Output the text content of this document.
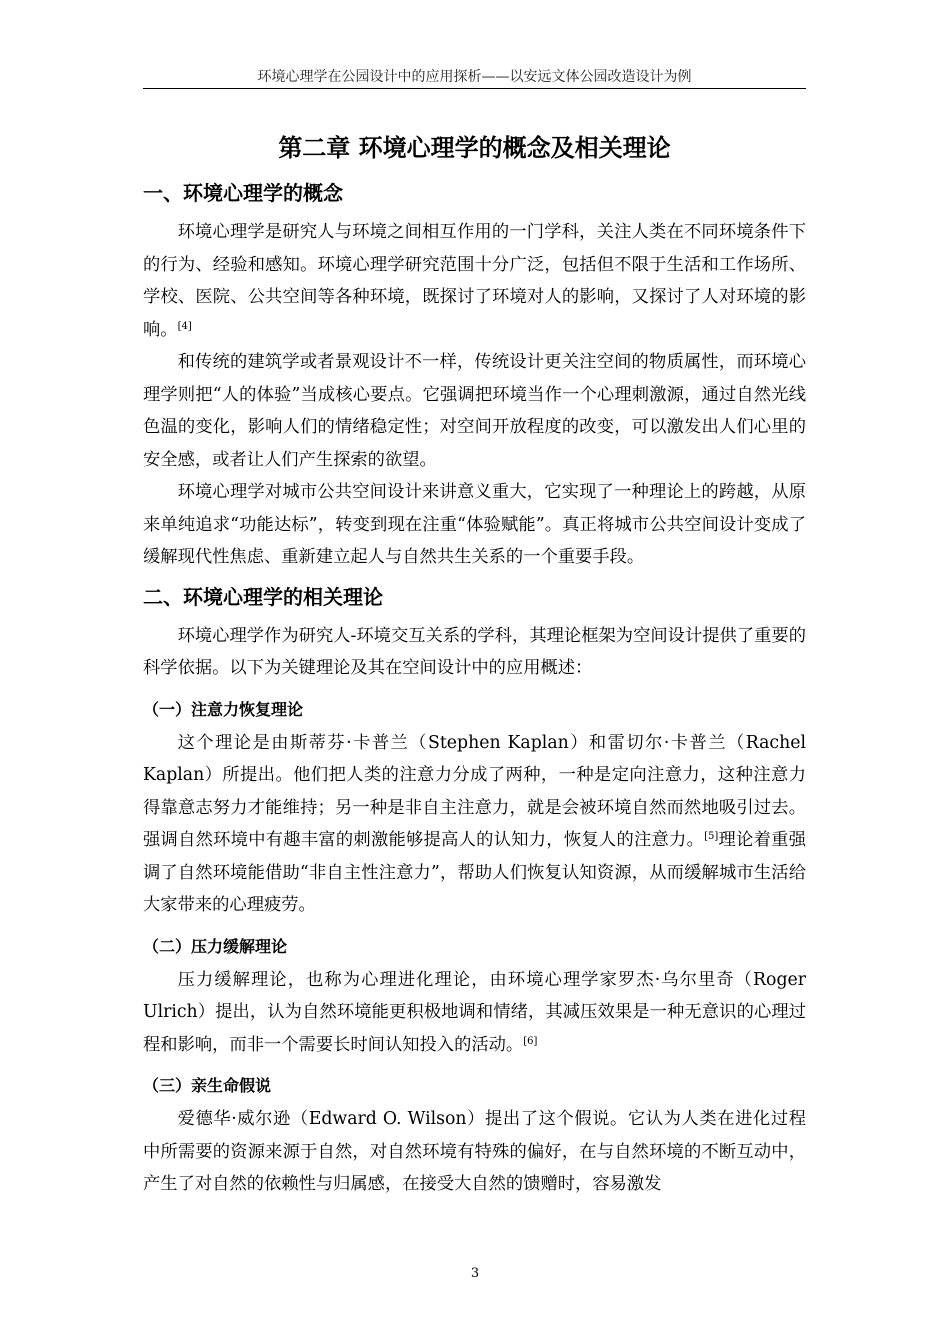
环境心理学在公园设计中的应用探析——以安远文体公园改造设计为例
第二章 环境心理学的概念及相关理论
一、环境心理学的概念

环境心理学是研究人与环境之间相互作用的一门学科，关注人类在不同环境条件下的行为、经验和感知。环境心理学研究范围十分广泛，包括但不限于生活和工作场所、学校、医院、公共空间等各种环境，既探讨了环境对人的影响，又探讨了人对环境的影响。[4]

和传统的建筑学或者景观设计不一样，传统设计更关注空间的物质属性，而环境心理学则把“人的体验”当成核心要点。它强调把环境当作一个心理刺激源，通过自然光线色温的变化，影响人们的情绪稳定性；对空间开放程度的改变，可以激发出人们心里的安全感，或者让人们产生探索的欲望。

环境心理学对城市公共空间设计来讲意义重大，它实现了一种理论上的跨越，从原来单纯追求“功能达标”，转变到现在注重“体验赋能”。真正将城市公共空间设计变成了缓解现代性焦虑、重新建立起人与自然共生关系的一个重要手段。

二、环境心理学的相关理论

环境心理学作为研究人-环境交互关系的学科，其理论框架为空间设计提供了重要的科学依据。以下为关键理论及其在空间设计中的应用概述：

（一）注意力恢复理论

这个理论是由斯蒂芬·卡普兰（Stephen Kaplan）和雷切尔·卡普兰（Rachel Kaplan）所提出。他们把人类的注意力分成了两种，一种是定向注意力，这种注意力得靠意志努力才能维持；另一种是非自主注意力，就是会被环境自然而然地吸引过去。强调自然环境中有趣丰富的刺激能够提高人的认知力，恢复人的注意力。[5]理论着重强调了自然环境能借助“非自主性注意力”，帮助人们恢复认知资源，从而缓解城市生活给大家带来的心理疲劳。

（二）压力缓解理论

压力缓解理论，也称为心理进化理论，由环境心理学家罗杰·乌尔里奇（Roger Ulrich）提出，认为自然环境能更积极地调和情绪，其减压效果是一种无意识的心理过程和影响，而非一个需要长时间认知投入的活动。[6]

（三）亲生命假说

爱德华·威尔逊（Edward O. Wilson）提出了这个假说。它认为人类在进化过程中所需要的资源来源于自然，对自然环境有特殊的偏好，在与自然环境的不断互动中，产生了对自然的依赖性与归属感，在接受大自然的馈赠时，容易激发

3
